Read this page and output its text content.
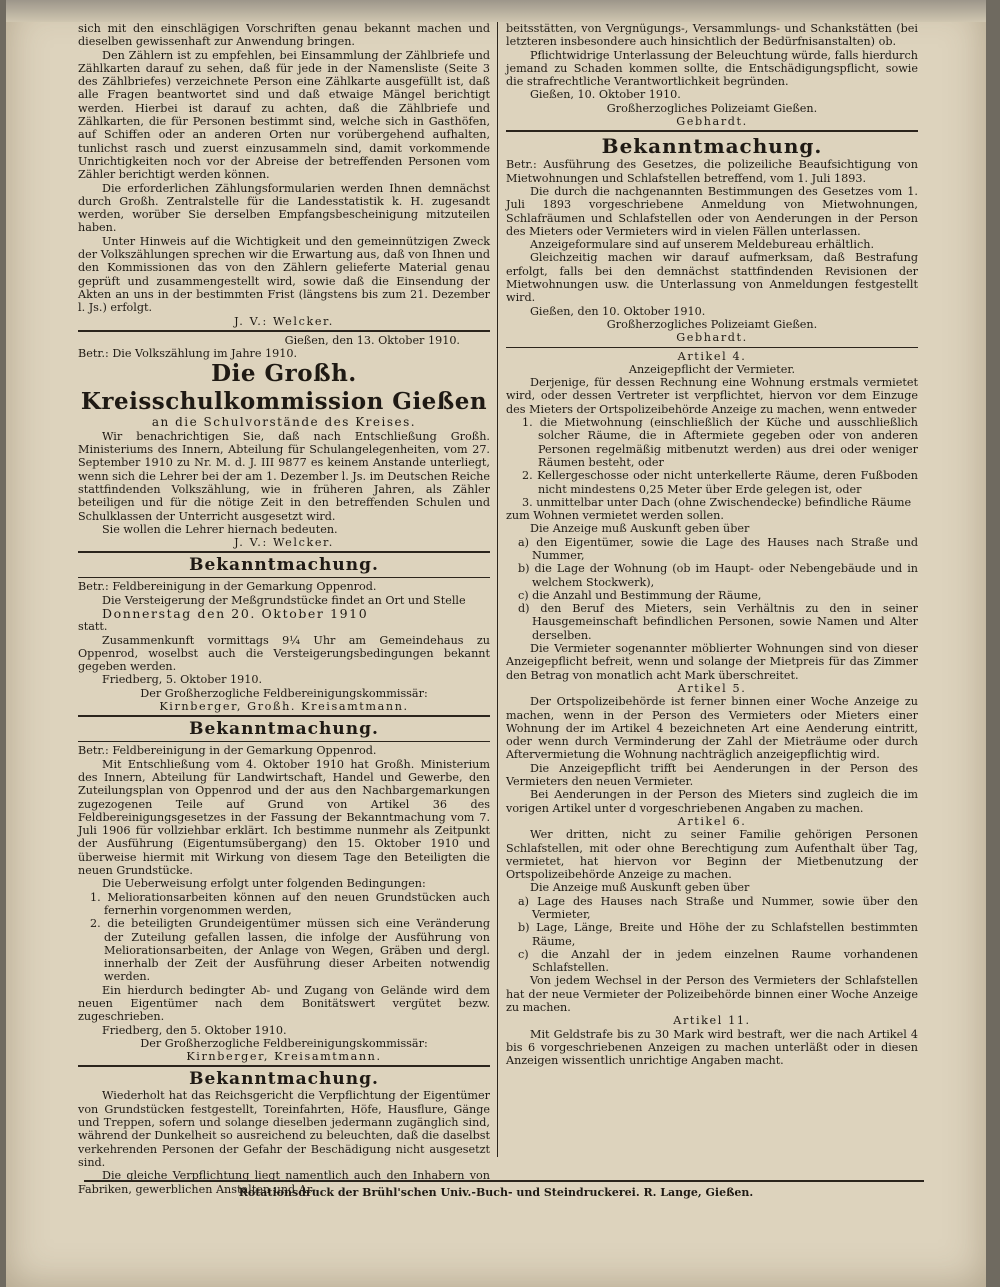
sich mit den einschlägigen Vorschriften genau bekannt machen und dieselben gewissenhaft zur Anwendung bringen.

Den Zählern ist zu empfehlen, bei Einsammlung der Zählbriefe und Zählkarten darauf zu sehen, daß für jede in der Namensliste (Seite 3 des Zählbriefes) verzeichnete Person eine Zählkarte ausgefüllt ist, daß alle Fragen beantwortet sind und daß etwaige Mängel berichtigt werden. Hierbei ist darauf zu achten, daß die Zählbriefe und Zählkarten, die für Personen bestimmt sind, welche sich in Gasthöfen, auf Schiffen oder an anderen Orten nur vorübergehend aufhalten, tunlichst rasch und zuerst einzusammeln sind, damit vorkommende Unrichtigkeiten noch vor der Abreise der betreffenden Personen vom Zähler berichtigt werden können.

Die erforderlichen Zählungsformularien werden Ihnen demnächst durch Großh. Zentralstelle für die Landesstatistik k. H. zugesandt werden, worüber Sie derselben Empfangsbescheinigung mitzuteilen haben.

Unter Hinweis auf die Wichtigkeit und den gemeinnützigen Zweck der Volkszählungen sprechen wir die Erwartung aus, daß von Ihnen und den Kommissionen das von den Zählern gelieferte Material genau geprüft und zusammengestellt wird, sowie daß die Einsendung der Akten an uns in der bestimmten Frist (längstens bis zum 21. Dezember l. Js.) erfolgt.

J. V.: Welcker.

Gießen, den 13. Oktober 1910.

Betr.: Die Volkszählung im Jahre 1910.

Die Großh. Kreisschulkommission Gießen
an die Schulvorstände des Kreises.

Wir benachrichtigen Sie, daß nach Entschließung Großh. Ministeriums des Innern, Abteilung für Schulangelegenheiten, vom 27. September 1910 zu Nr. M. d. J. III 9877 es keinem Anstande unterliegt, wenn sich die Lehrer bei der am 1. Dezember l. Js. im Deutschen Reiche stattfindenden Volkszählung, wie in früheren Jahren, als Zähler beteiligen und für die nötige Zeit in den betreffenden Schulen und Schulklassen der Unterricht ausgesetzt wird.

Sie wollen die Lehrer hiernach bedeuten.

J. V.: Welcker.

Bekanntmachung.

Betr.: Feldbereinigung in der Gemarkung Oppenrod.

Die Versteigerung der Meßgrundstücke findet an Ort und Stelle

Donnerstag den 20. Oktober 1910

statt.

Zusammenkunft vormittags 9¼ Uhr am Gemeindehaus zu Oppenrod, woselbst auch die Versteigerungsbedingungen bekannt gegeben werden.

Friedberg, 5. Oktober 1910.

Der Großherzogliche Feldbereinigungskommissär:

Kirnberger, Großh. Kreisamtmann.

Bekanntmachung.

Betr.: Feldbereinigung in der Gemarkung Oppenrod.

Mit Entschließung vom 4. Oktober 1910 hat Großh. Ministerium des Innern, Abteilung für Landwirtschaft, Handel und Gewerbe, den Zuteilungsplan von Oppenrod und der aus den Nachbargemarkungen zugezogenen Teile auf Grund von Artikel 36 des Feldbereinigungsgesetzes in der Fassung der Bekanntmachung vom 7. Juli 1906 für vollziehbar erklärt. Ich bestimme nunmehr als Zeitpunkt der Ausführung (Eigentumsübergang) den 15. Oktober 1910 und überweise hiermit mit Wirkung von diesem Tage den Beteiligten die neuen Grundstücke.

Die Ueberweisung erfolgt unter folgenden Bedingungen:

1. Meliorationsarbeiten können auf den neuen Grundstücken auch fernerhin vorgenommen werden,

2. die beteiligten Grundeigentümer müssen sich eine Veränderung der Zuteilung gefallen lassen, die infolge der Ausführung von Meliorationsarbeiten, der Anlage von Wegen, Gräben und dergl. innerhalb der Zeit der Ausführung dieser Arbeiten notwendig werden.

Ein hierdurch bedingter Ab- und Zugang von Gelände wird dem neuen Eigentümer nach dem Bonitätswert vergütet bezw. zugeschrieben.

Friedberg, den 5. Oktober 1910.

Der Großherzogliche Feldbereinigungskommissär:

Kirnberger, Kreisamtmann.

Bekanntmachung.

Wiederholt hat das Reichsgericht die Verpflichtung der Eigentümer von Grundstücken festgestellt, Toreinfahrten, Höfe, Hausflure, Gänge und Treppen, sofern und solange dieselben jedermann zugänglich sind, während der Dunkelheit so ausreichend zu beleuchten, daß die daselbst verkehrenden Personen der Gefahr der Beschädigung nicht ausgesetzt sind.

Die gleiche Verpflichtung liegt namentlich auch den Inhabern von Fabriken, gewerblichen Anstalten und Ar-

beitsstätten, von Vergnügungs-, Versammlungs- und Schankstätten (bei letzteren insbesondere auch hinsichtlich der Bedürfnisanstalten) ob.

Pflichtwidrige Unterlassung der Beleuchtung würde, falls hierdurch jemand zu Schaden kommen sollte, die Entschädigungspflicht, sowie die strafrechtliche Verantwortlichkeit begründen.

Gießen, 10. Oktober 1910.

Großherzogliches Polizeiamt Gießen.

Gebhardt.

Bekanntmachung.

Betr.: Ausführung des Gesetzes, die polizeiliche Beaufsichtigung von Mietwohnungen und Schlafstellen betreffend, vom 1. Juli 1893.

Die durch die nachgenannten Bestimmungen des Gesetzes vom 1. Juli 1893 vorgeschriebene Anmeldung von Mietwohnungen, Schlafräumen und Schlafstellen oder von Aenderungen in der Person des Mieters oder Vermieters wird in vielen Fällen unterlassen.

Anzeigeformulare sind auf unserem Meldebureau erhältlich.

Gleichzeitig machen wir darauf aufmerksam, daß Bestrafung erfolgt, falls bei den demnächst stattfindenden Revisionen der Mietwohnungen usw. die Unterlassung von Anmeldungen festgestellt wird.

Gießen, den 10. Oktober 1910.

Großherzogliches Polizeiamt Gießen.

Gebhardt.

Artikel 4.

Anzeigepflicht der Vermieter.

Derjenige, für dessen Rechnung eine Wohnung erstmals vermietet wird, oder dessen Vertreter ist verpflichtet, hiervon vor dem Einzuge des Mieters der Ortspolizeibehörde Anzeige zu machen, wenn entweder

1. die Mietwohnung (einschließlich der Küche und ausschließlich solcher Räume, die in Aftermiete gegeben oder von anderen Personen regelmäßig mitbenutzt werden) aus drei oder weniger Räumen besteht, oder

2. Kellergeschosse oder nicht unterkellerte Räume, deren Fußboden nicht mindestens 0,25 Meter über Erde gelegen ist, oder

3. unmittelbar unter Dach (ohne Zwischendecke) befindliche Räume

zum Wohnen vermietet werden sollen.

Die Anzeige muß Auskunft geben über

a) den Eigentümer, sowie die Lage des Hauses nach Straße und Nummer,

b) die Lage der Wohnung (ob im Haupt- oder Nebengebäude und in welchem Stockwerk),

c) die Anzahl und Bestimmung der Räume,

d) den Beruf des Mieters, sein Verhältnis zu den in seiner Hausgemeinschaft befindlichen Personen, sowie Namen und Alter derselben.

Die Vermieter sogenannter möblierter Wohnungen sind von dieser Anzeigepflicht befreit, wenn und solange der Mietpreis für das Zimmer den Betrag von monatlich acht Mark überschreitet.

Artikel 5.

Der Ortspolizeibehörde ist ferner binnen einer Woche Anzeige zu machen, wenn in der Person des Vermieters oder Mieters einer Wohnung der im Artikel 4 bezeichneten Art eine Aenderung eintritt, oder wenn durch Verminderung der Zahl der Mieträume oder durch Aftervermietung die Wohnung nachträglich anzeigepflichtig wird.

Die Anzeigepflicht trifft bei Aenderungen in der Person des Vermieters den neuen Vermieter.

Bei Aenderungen in der Person des Mieters sind zugleich die im vorigen Artikel unter d vorgeschriebenen Angaben zu machen.

Artikel 6.

Wer dritten, nicht zu seiner Familie gehörigen Personen Schlafstellen, mit oder ohne Berechtigung zum Aufenthalt über Tag, vermietet, hat hiervon vor Beginn der Mietbenutzung der Ortspolizeibehörde Anzeige zu machen.

Die Anzeige muß Auskunft geben über

a) Lage des Hauses nach Straße und Nummer, sowie über den Vermieter,

b) Lage, Länge, Breite und Höhe der zu Schlafstellen bestimmten Räume,

c) die Anzahl der in jedem einzelnen Raume vorhandenen Schlafstellen.

Von jedem Wechsel in der Person des Vermieters der Schlafstellen hat der neue Vermieter der Polizeibehörde binnen einer Woche Anzeige zu machen.

Artikel 11.

Mit Geldstrafe bis zu 30 Mark wird bestraft, wer die nach Artikel 4 bis 6 vorgeschriebenen Anzeigen zu machen unterläßt oder in diesen Anzeigen wissentlich unrichtige Angaben macht.

Rotationsdruck der Brühl'schen Univ.-Buch- und Steindruckerei. R. Lange, Gießen.
